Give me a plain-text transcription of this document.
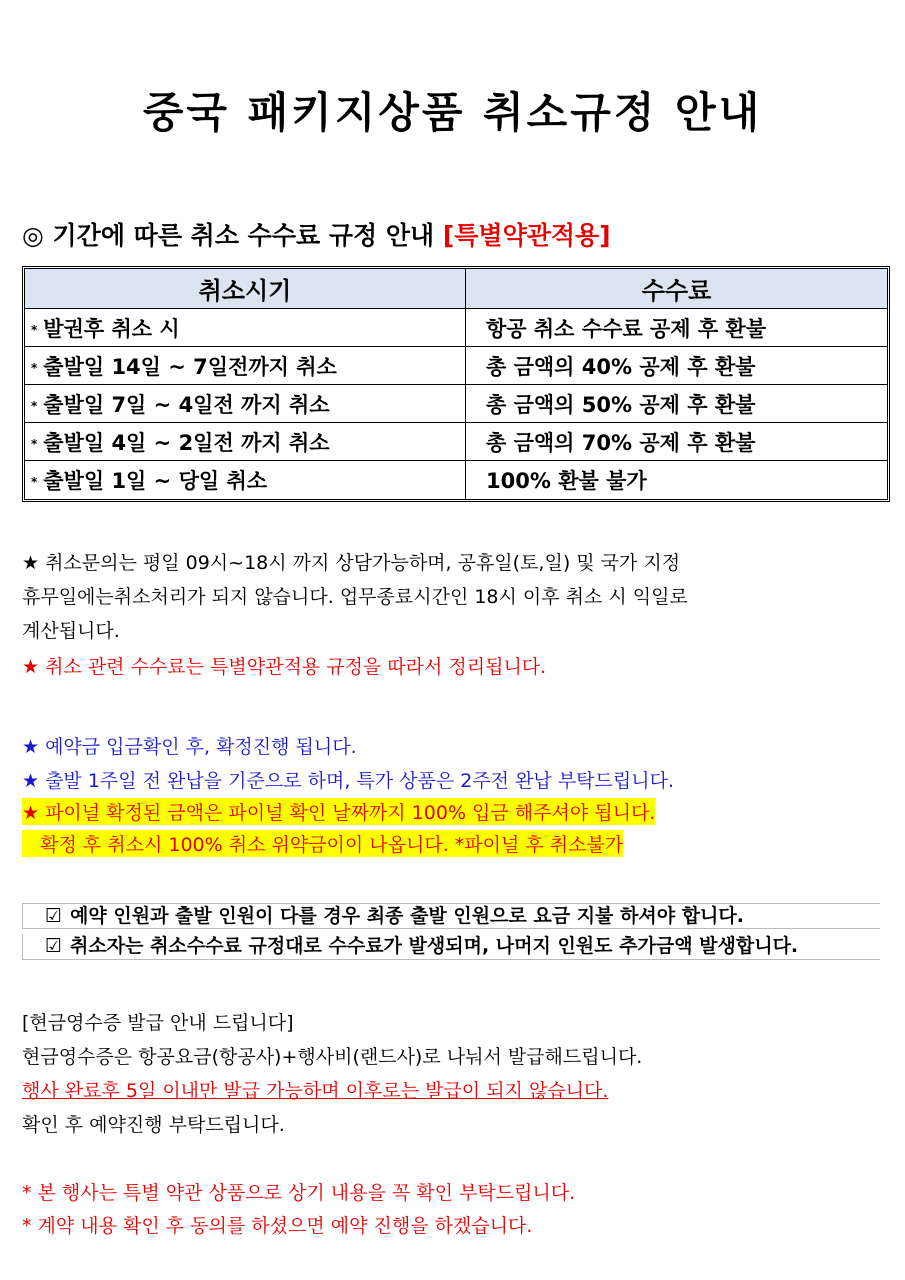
중국 패키지상품 취소규정 안내
◎ 기간에 따른 취소 수수료 규정 안내 [특별약관적용]
취소시기	수수료
* 발권후 취소 시	항공 취소 수수료 공제 후 환불
* 출발일 14일 ~ 7일전까지 취소	총 금액의 40% 공제 후 환불
* 출발일 7일 ~ 4일전 까지 취소	총 금액의 50% 공제 후 환불
* 출발일 4일 ~ 2일전 까지 취소	총 금액의 70% 공제 후 환불
* 출발일 1일 ~ 당일 취소	100% 환불 불가
★ 취소문의는 평일 09시~18시 까지 상담가능하며, 공휴일(토,일) 및 국가 지정
휴무일에는취소처리가 되지 않습니다. 업무종료시간인 18시 이후 취소 시 익일로
계산됩니다.
★ 취소 관련 수수료는 특별약관적용 규정을 따라서 정리됩니다.
★ 예약금 입금확인 후, 확정진행 됩니다.
★ 출발 1주일 전 완납을 기준으로 하며, 특가 상품은 2주전 완납 부탁드립니다.
★ 파이널 확정된 금액은 파이널 확인 날짜까지 100% 입금 해주셔야 됩니다.
확정 후 취소시 100% 취소 위약금이이 나옵니다. *파이널 후 취소불가
☑ 예약 인원과 출발 인원이 다를 경우 최종 출발 인원으로 요금 지불 하셔야 합니다.
☑ 취소자는 취소수수료 규정대로 수수료가 발생되며, 나머지 인원도 추가금액 발생합니다.
[현금영수증 발급 안내 드립니다]
현금영수증은 항공요금(항공사)+행사비(랜드사)로 나눠서 발급해드립니다.
행사 완료후 5일 이내만 발급 가능하며 이후로는 발급이 되지 않습니다.
확인 후 예약진행 부탁드립니다.
* 본 행사는 특별 약관 상품으로 상기 내용을 꼭 확인 부탁드립니다.
* 계약 내용 확인 후 동의를 하셨으면 예약 진행을 하겠습니다.
